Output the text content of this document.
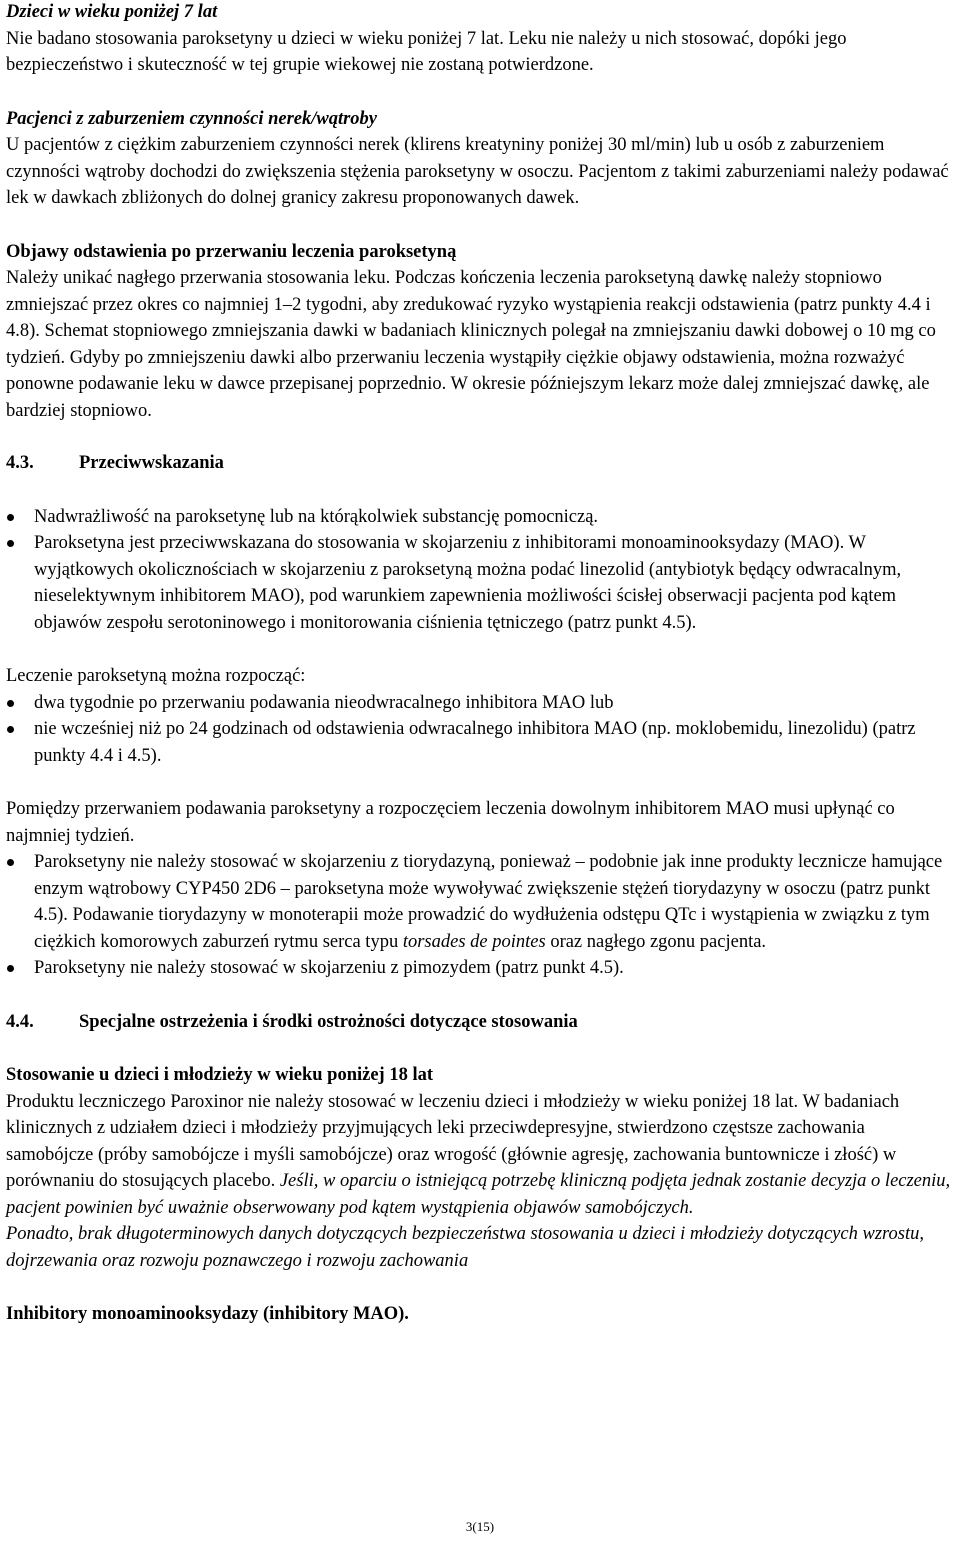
Dzieci w wieku poniżej 7 lat

Nie badano stosowania paroksetyny u dzieci w wieku poniżej 7 lat. Leku nie należy u nich stosować, dopóki jego bezpieczeństwo i skuteczność w tej grupie wiekowej nie zostaną potwierdzone.

Pacjenci z zaburzeniem czynności nerek/wątroby

U pacjentów z ciężkim zaburzeniem czynności nerek (klirens kreatyniny poniżej 30 ml/min) lub u osób z zaburzeniem czynności wątroby dochodzi do zwiększenia stężenia paroksetyny w osoczu. Pacjentom z takimi zaburzeniami należy podawać lek w dawkach zbliżonych do dolnej granicy zakresu proponowanych dawek.

Objawy odstawienia po przerwaniu leczenia paroksetyną

Należy unikać nagłego przerwania stosowania leku. Podczas kończenia leczenia paroksetyną dawkę należy stopniowo zmniejszać przez okres co najmniej 1–2 tygodni, aby zredukować ryzyko wystąpienia reakcji odstawienia (patrz punkty 4.4 i 4.8). Schemat stopniowego zmniejszania dawki w badaniach klinicznych polegał na zmniejszaniu dawki dobowej o 10 mg co tydzień. Gdyby po zmniejszeniu dawki albo przerwaniu leczenia wystąpiły ciężkie objawy odstawienia, można rozważyć ponowne podawanie leku w dawce przepisanej poprzednio. W okresie późniejszym lekarz może dalej zmniejszać dawkę, ale bardziej stopniowo.

4.3.	Przeciwwskazania
Nadwrażliwość na paroksetynę lub na którąkolwiek substancję pomocniczą.
Paroksetyna jest przeciwwskazana do stosowania w skojarzeniu z inhibitorami monoaminooksydazy (MAO). W wyjątkowych okolicznościach w skojarzeniu z paroksetyną można podać linezolid (antybiotyk będący odwracalnym, nieselektywnym inhibitorem MAO), pod warunkiem zapewnienia możliwości ścisłej obserwacji pacjenta pod kątem objawów zespołu serotoninowego i monitorowania ciśnienia tętniczego (patrz punkt 4.5).

Leczenie paroksetyną można rozpocząć:

dwa tygodnie po przerwaniu podawania nieodwracalnego inhibitora MAO lub
nie wcześniej niż po 24 godzinach od odstawienia odwracalnego inhibitora MAO (np. moklobemidu, linezolidu) (patrz punkty 4.4 i 4.5).

Pomiędzy przerwaniem podawania paroksetyny a rozpoczęciem leczenia dowolnym inhibitorem MAO musi upłynąć co najmniej tydzień.

Paroksetyny nie należy stosować w skojarzeniu z tiorydazyną, ponieważ – podobnie jak inne produkty lecznicze hamujące enzym wątrobowy CYP450 2D6 – paroksetyna może wywoływać zwiększenie stężeń tiorydazyny w osoczu (patrz punkt 4.5). Podawanie tiorydazyny w monoterapii może prowadzić do wydłużenia odstępu QTc i wystąpienia w związku z tym ciężkich komorowych zaburzeń rytmu serca typu torsades de pointes oraz nagłego zgonu pacjenta.
Paroksetyny nie należy stosować w skojarzeniu z pimozydem (patrz punkt 4.5).
4.4.	Specjalne ostrzeżenia i środki ostrożności dotyczące stosowania

Stosowanie u dzieci i młodzieży w wieku poniżej 18 lat

Produktu leczniczego Paroxinor nie należy stosować w leczeniu dzieci i młodzieży w wieku poniżej 18 lat. W badaniach klinicznych z udziałem dzieci i młodzieży przyjmujących leki przeciwdepresyjne, stwierdzono częstsze zachowania samobójcze (próby samobójcze i myśli samobójcze) oraz wrogość (głównie agresję, zachowania buntownicze i złość) w porównaniu do stosujących placebo. Jeśli, w oparciu o istniejącą potrzebę kliniczną podjęta jednak zostanie decyzja o leczeniu,

pacjent powinien być uważnie obserwowany pod kątem wystąpienia objawów samobójczych.

Ponadto, brak długoterminowych danych dotyczących bezpieczeństwa stosowania u dzieci i młodzieży dotyczących wzrostu, dojrzewania oraz rozwoju poznawczego i rozwoju zachowania

Inhibitory monoaminooksydazy (inhibitory MAO).

3(15)
